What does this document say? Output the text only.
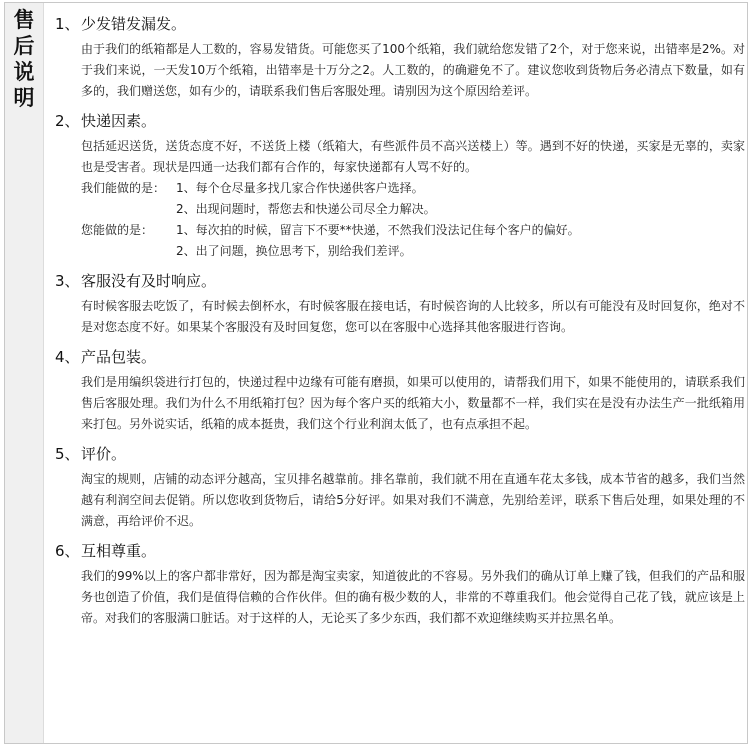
售
后
说
明
1、少发错发漏发。

由于我们的纸箱都是人工数的，容易发错货。可能您买了100个纸箱，我们就给您发错了2个，对于您来说，出错率是2%。对于我们来说，一天发10万个纸箱，出错率是十万分之2。人工数的，的确避免不了。建议您收到货物后务必清点下数量，如有多的，我们赠送您，如有少的，请联系我们售后客服处理。请别因为这个原因给差评。

2、快递因素。

包括延迟送货，送货态度不好，不送货上楼（纸箱大，有些派件员不高兴送楼上）等。遇到不好的快递，买家是无辜的，卖家也是受害者。现状是四通一达我们都有合作的，每家快递都有人骂不好的。

我们能做的是： 1、每个仓尽量多找几家合作快递供客户选择。
2、出现问题时，帮您去和快递公司尽全力解决。
您能做的是：	1、每次拍的时候，留言下不要**快递，不然我们没法记住每个客户的偏好。
2、出了问题，换位思考下，别给我们差评。
3、客服没有及时响应。

有时候客服去吃饭了，有时候去倒杯水，有时候客服在接电话，有时候咨询的人比较多，所以有可能没有及时回复你，绝对不是对您态度不好。如果某个客服没有及时回复您，您可以在客服中心选择其他客服进行咨询。

4、产品包装。

我们是用编织袋进行打包的，快递过程中边缘有可能有磨损，如果可以使用的，请帮我们用下，如果不能使用的，请联系我们售后客服处理。我们为什么不用纸箱打包？因为每个客户买的纸箱大小，数量都不一样，我们实在是没有办法生产一批纸箱用来打包。另外说实话，纸箱的成本挺贵，我们这个行业利润太低了，也有点承担不起。

5、评价。

淘宝的规则，店铺的动态评分越高，宝贝排名越靠前。排名靠前，我们就不用在直通车花太多钱，成本节省的越多，我们当然越有利润空间去促销。所以您收到货物后，请给5分好评。如果对我们不满意，先别给差评，联系下售后处理，如果处理的不满意，再给评价不迟。

6、互相尊重。

我们的99%以上的客户都非常好，因为都是淘宝卖家，知道彼此的不容易。另外我们的确从订单上赚了钱，但我们的产品和服务也创造了价值，我们是值得信赖的合作伙伴。但的确有极少数的人，非常的不尊重我们。他会觉得自己花了钱，就应该是上帝。对我们的客服满口脏话。对于这样的人，无论买了多少东西，我们都不欢迎继续购买并拉黑名单。
